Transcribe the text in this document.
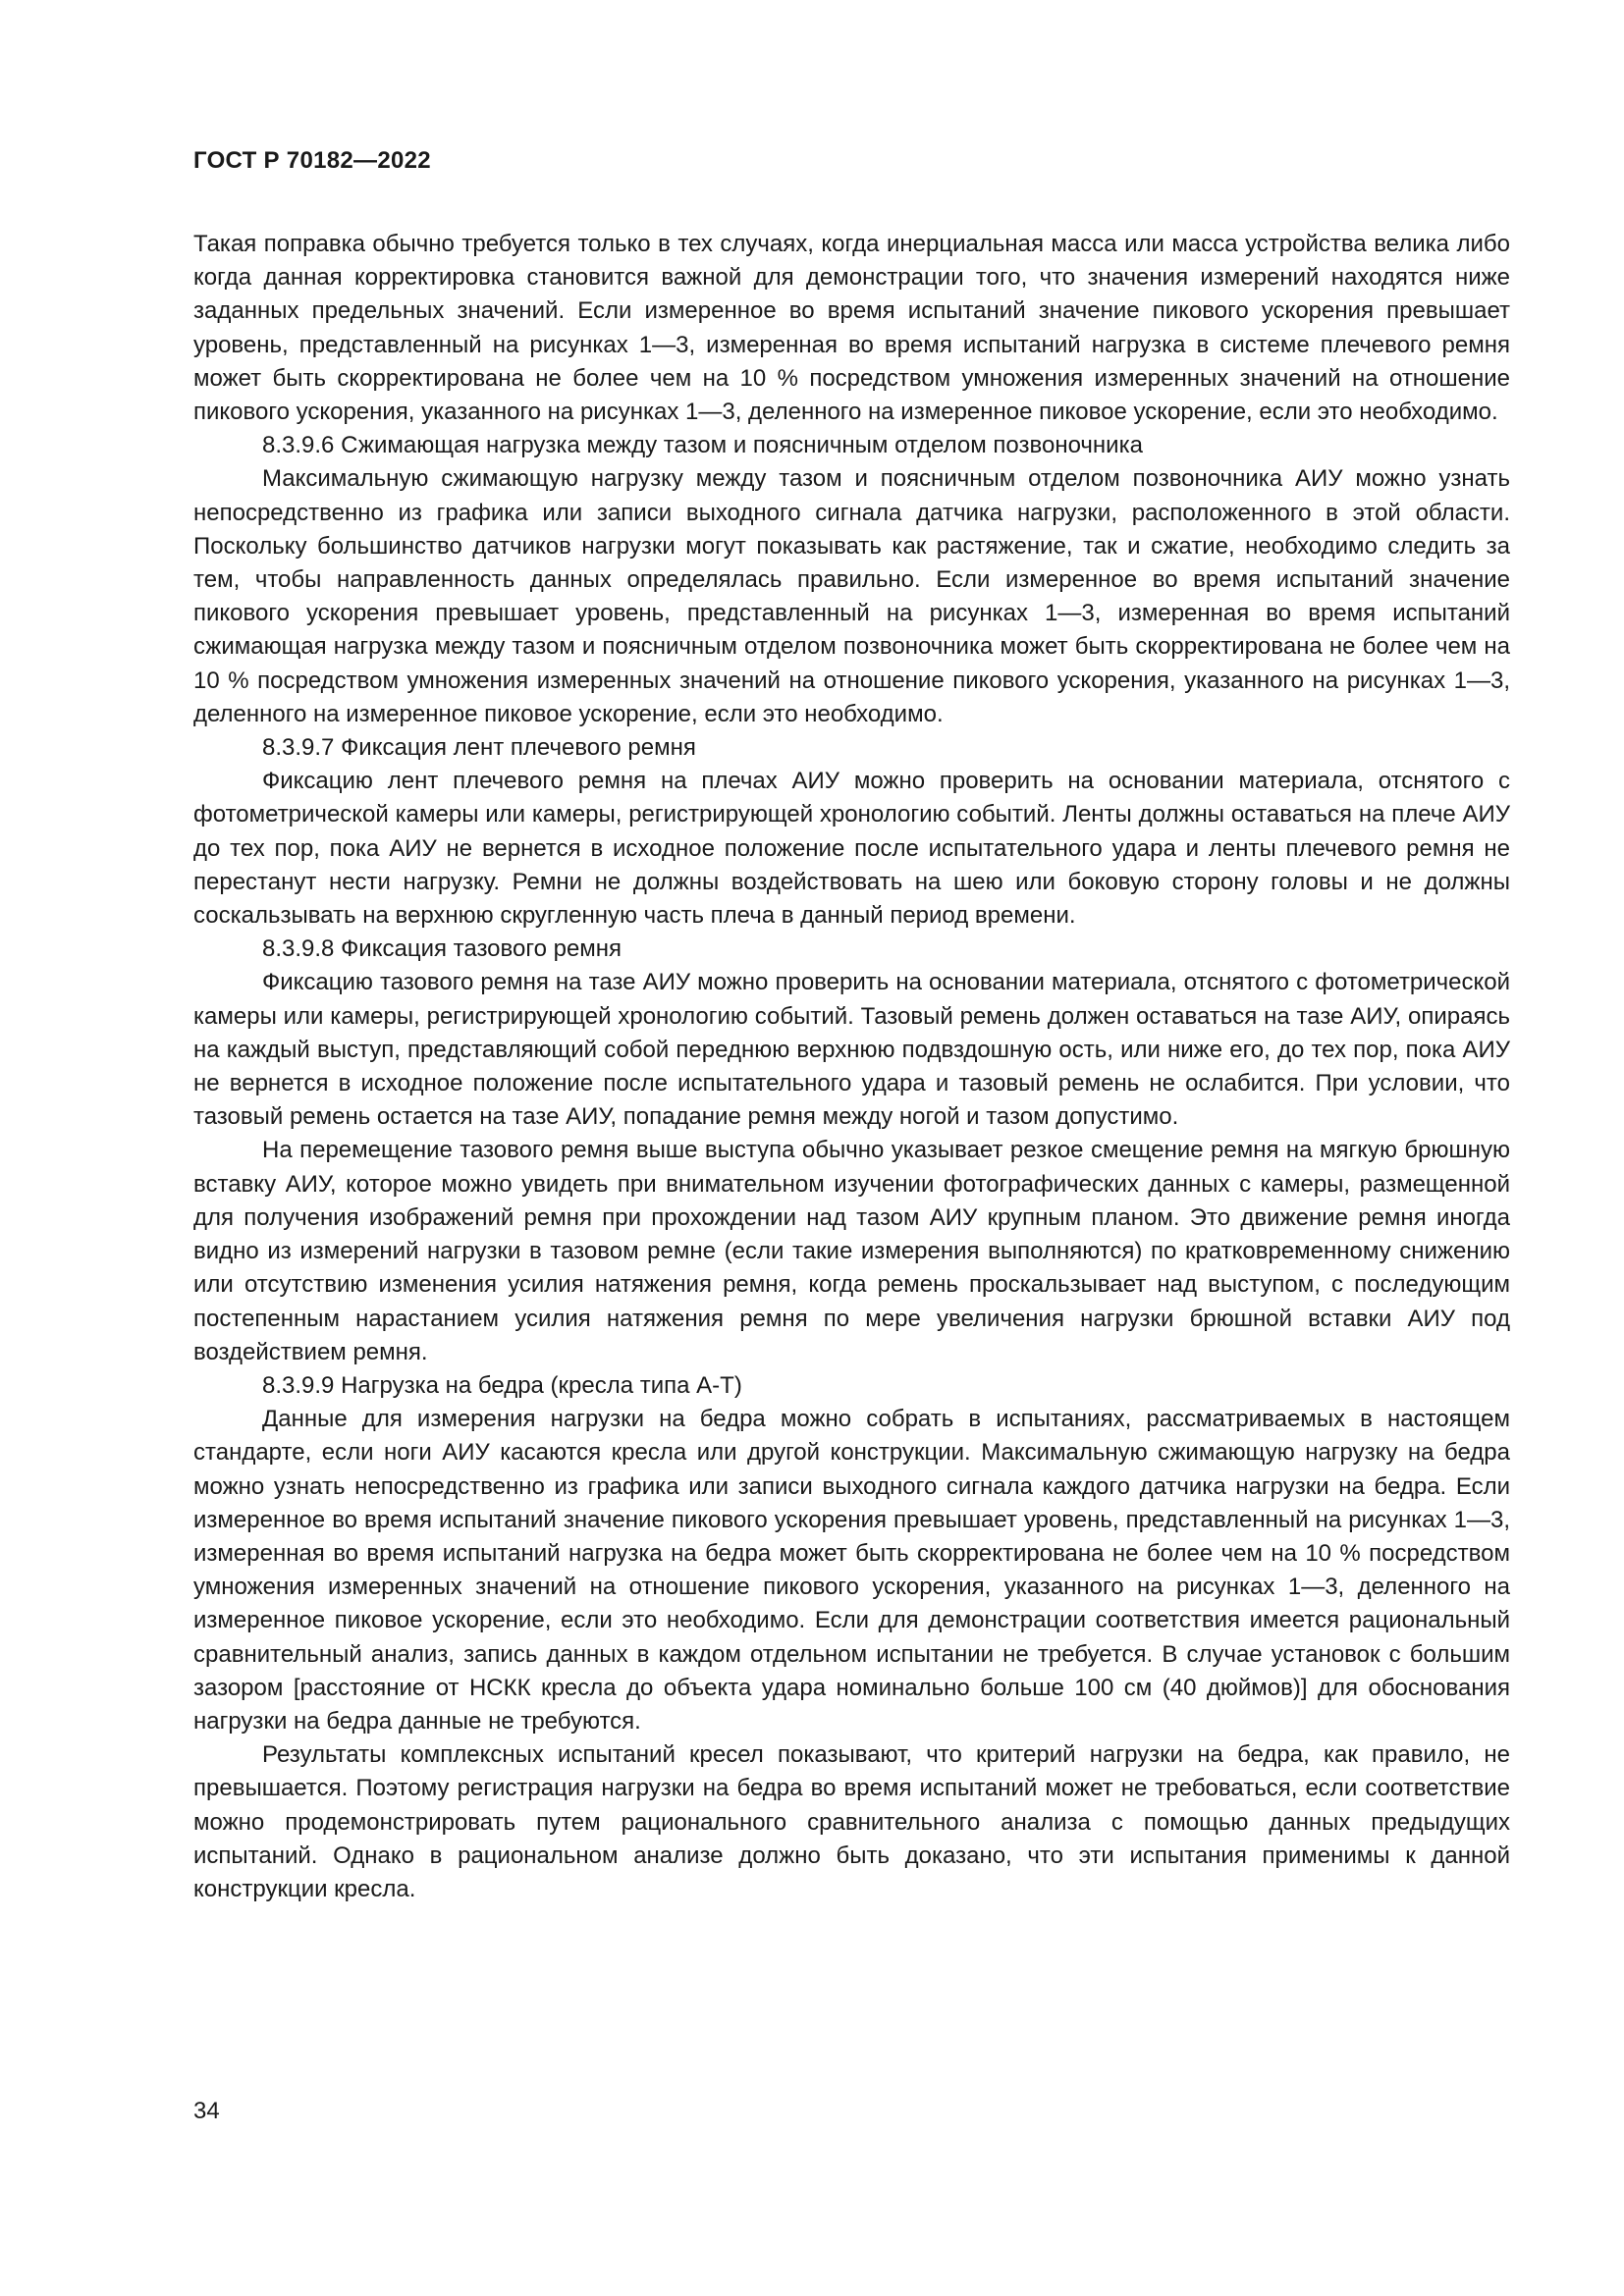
ГОСТ Р 70182—2022

Такая поправка обычно требуется только в тех случаях, когда инерциальная масса или масса устройства велика либо когда данная корректировка становится важной для демонстрации того, что значения измерений находятся ниже заданных предельных значений. Если измеренное во время испытаний значение пикового ускорения превышает уровень, представленный на рисунках 1—3, измеренная во время испытаний нагрузка в системе плечевого ремня может быть скорректирована не более чем на 10 % посредством умножения измеренных значений на отношение пикового ускорения, указанного на рисунках 1—3, деленного на измеренное пиковое ускорение, если это необходимо.

8.3.9.6 Сжимающая нагрузка между тазом и поясничным отделом позвоночника

Максимальную сжимающую нагрузку между тазом и поясничным отделом позвоночника АИУ можно узнать непосредственно из графика или записи выходного сигнала датчика нагрузки, расположенного в этой области. Поскольку большинство датчиков нагрузки могут показывать как растяжение, так и сжатие, необходимо следить за тем, чтобы направленность данных определялась правильно. Если измеренное во время испытаний значение пикового ускорения превышает уровень, представленный на рисунках 1—3, измеренная во время испытаний сжимающая нагрузка между тазом и поясничным отделом позвоночника может быть скорректирована не более чем на 10 % посредством умножения измеренных значений на отношение пикового ускорения, указанного на рисунках 1—3, деленного на измеренное пиковое ускорение, если это необходимо.

8.3.9.7 Фиксация лент плечевого ремня

Фиксацию лент плечевого ремня на плечах АИУ можно проверить на основании материала, отснятого с фотометрической камеры или камеры, регистрирующей хронологию событий. Ленты должны оставаться на плече АИУ до тех пор, пока АИУ не вернется в исходное положение после испытательного удара и ленты плечевого ремня не перестанут нести нагрузку. Ремни не должны воздействовать на шею или боковую сторону головы и не должны соскальзывать на верхнюю скругленную часть плеча в данный период времени.

8.3.9.8 Фиксация тазового ремня

Фиксацию тазового ремня на тазе АИУ можно проверить на основании материала, отснятого с фотометрической камеры или камеры, регистрирующей хронологию событий. Тазовый ремень должен оставаться на тазе АИУ, опираясь на каждый выступ, представляющий собой переднюю верхнюю подвздошную ость, или ниже его, до тех пор, пока АИУ не вернется в исходное положение после испытательного удара и тазовый ремень не ослабится. При условии, что тазовый ремень остается на тазе АИУ, попадание ремня между ногой и тазом допустимо.

На перемещение тазового ремня выше выступа обычно указывает резкое смещение ремня на мягкую брюшную вставку АИУ, которое можно увидеть при внимательном изучении фотографических данных с камеры, размещенной для получения изображений ремня при прохождении над тазом АИУ крупным планом. Это движение ремня иногда видно из измерений нагрузки в тазовом ремне (если такие измерения выполняются) по кратковременному снижению или отсутствию изменения усилия натяжения ремня, когда ремень проскальзывает над выступом, с последующим постепенным нарастанием усилия натяжения ремня по мере увеличения нагрузки брюшной вставки АИУ под воздействием ремня.

8.3.9.9 Нагрузка на бедра (кресла типа А-Т)

Данные для измерения нагрузки на бедра можно собрать в испытаниях, рассматриваемых в настоящем стандарте, если ноги АИУ касаются кресла или другой конструкции. Максимальную сжимающую нагрузку на бедра можно узнать непосредственно из графика или записи выходного сигнала каждого датчика нагрузки на бедра. Если измеренное во время испытаний значение пикового ускорения превышает уровень, представленный на рисунках 1—3, измеренная во время испытаний нагрузка на бедра может быть скорректирована не более чем на 10 % посредством умножения измеренных значений на отношение пикового ускорения, указанного на рисунках 1—3, деленного на измеренное пиковое ускорение, если это необходимо. Если для демонстрации соответствия имеется рациональный сравнительный анализ, запись данных в каждом отдельном испытании не требуется. В случае установок с большим зазором [расстояние от НСКК кресла до объекта удара номинально больше 100 см (40 дюймов)] для обоснования нагрузки на бедра данные не требуются.

Результаты комплексных испытаний кресел показывают, что критерий нагрузки на бедра, как правило, не превышается. Поэтому регистрация нагрузки на бедра во время испытаний может не требоваться, если соответствие можно продемонстрировать путем рационального сравнительного анализа с помощью данных предыдущих испытаний. Однако в рациональном анализе должно быть доказано, что эти испытания применимы к данной конструкции кресла.

34
